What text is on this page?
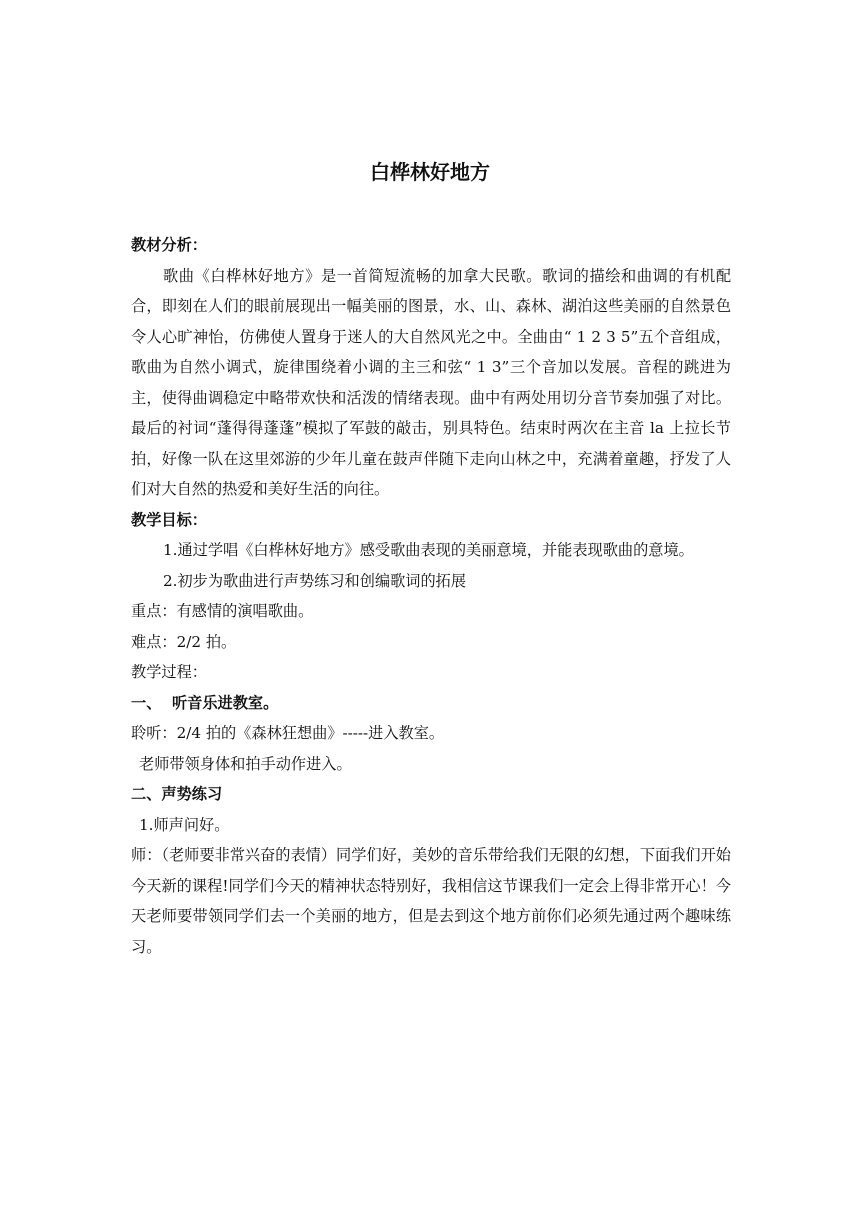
白桦林好地方

教材分析：

歌曲《白桦林好地方》是一首简短流畅的加拿大民歌。歌词的描绘和曲调的有机配合，即刻在人们的眼前展现出一幅美丽的图景，水、山、森林、湖泊这些美丽的自然景色令人心旷神怡，仿佛使人置身于迷人的大自然风光之中。全曲由“ 1 2 3 5”五个音组成，歌曲为自然小调式，旋律围绕着小调的主三和弦“ 1 3”三个音加以发展。音程的跳进为主，使得曲调稳定中略带欢快和活泼的情绪表现。曲中有两处用切分音节奏加强了对比。最后的衬词“蓬得得蓬蓬”模拟了军鼓的敲击，别具特色。结束时两次在主音 la 上拉长节拍，好像一队在这里郊游的少年儿童在鼓声伴随下走向山林之中，充满着童趣，抒发了人们对大自然的热爱和美好生活的向往。

教学目标：

1.通过学唱《白桦林好地方》感受歌曲表现的美丽意境，并能表现歌曲的意境。

2.初步为歌曲进行声势练习和创编歌词的拓展

重点：有感情的演唱歌曲。

难点：2/2 拍。

教学过程：

一、  听音乐进教室。

聆听：2/4 拍的《森林狂想曲》-----进入教室。

老师带领身体和拍手动作进入。

二、声势练习

1.师声问好。

师：（老师要非常兴奋的表情）同学们好，美妙的音乐带给我们无限的幻想，下面我们开始今天新的课程!同学们今天的精神状态特别好，我相信这节课我们一定会上得非常开心！今天老师要带领同学们去一个美丽的地方，但是去到这个地方前你们必须先通过两个趣味练习。
